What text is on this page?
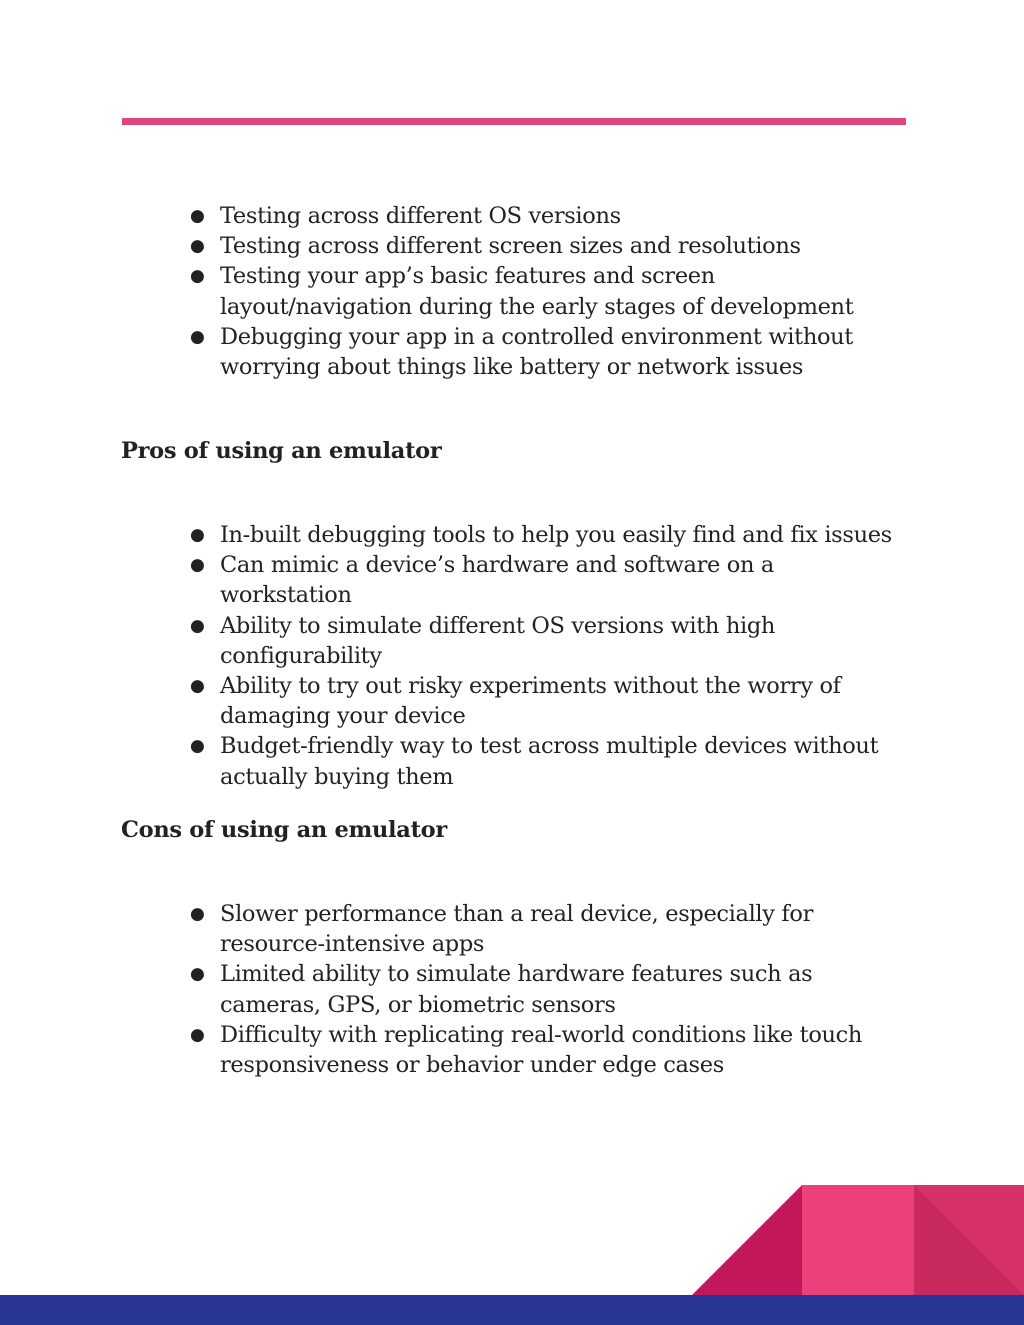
● Testing across different OS versions
● Testing across different screen sizes and resolutions
● Testing your app’s basic features and screen layout/navigation during the early stages of development
● Debugging your app in a controlled environment without worrying about things like battery or network issues
Pros of using an emulator
● In-built debugging tools to help you easily find and fix issues
● Can mimic a device’s hardware and software on a workstation
● Ability to simulate different OS versions with high configurability
● Ability to try out risky experiments without the worry of damaging your device
● Budget-friendly way to test across multiple devices without actually buying them
Cons of using an emulator
● Slower performance than a real device, especially for resource-intensive apps
● Limited ability to simulate hardware features such as cameras, GPS, or biometric sensors
● Difficulty with replicating real-world conditions like touch responsiveness or behavior under edge cases
